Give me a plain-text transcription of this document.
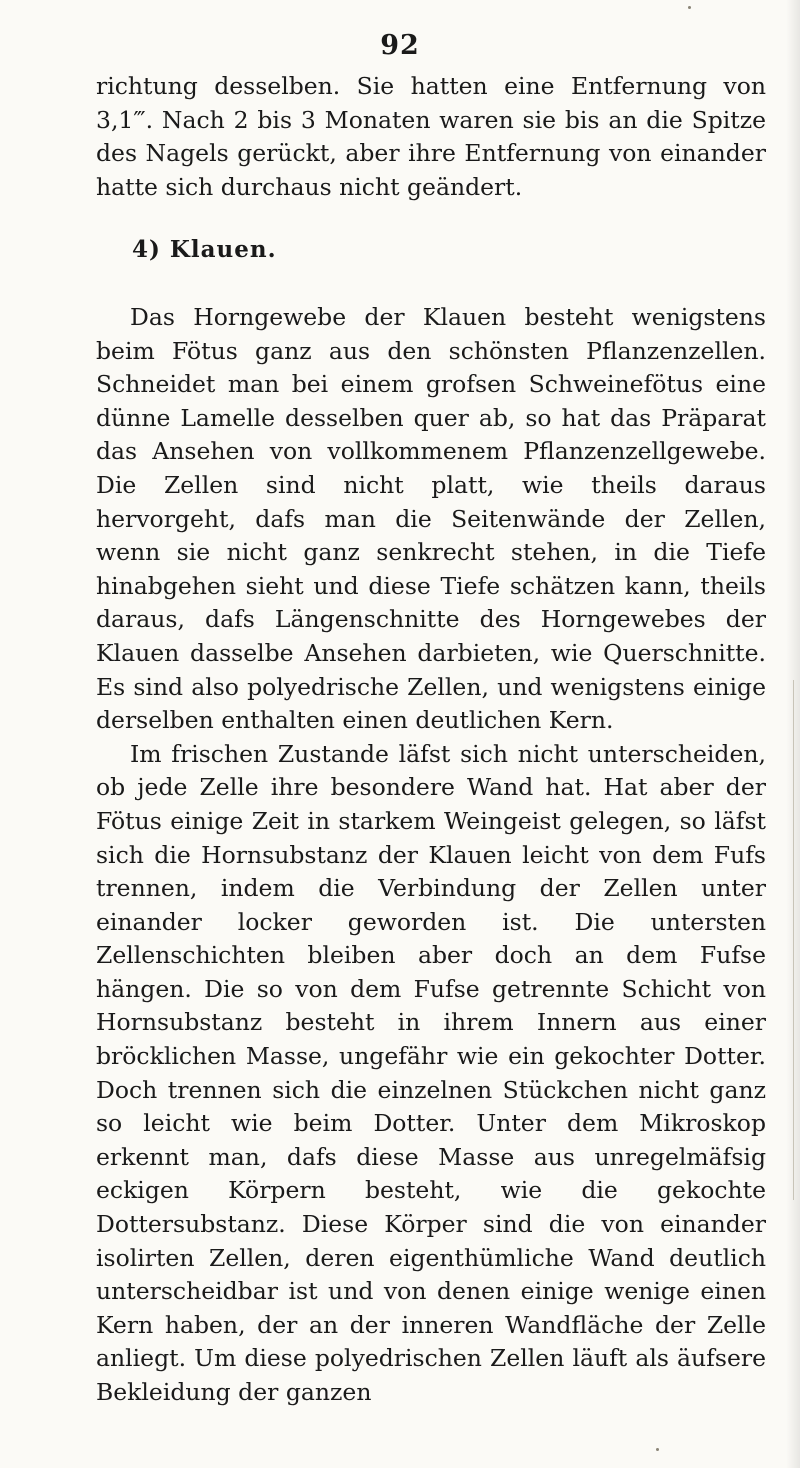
92

richtung desselben. Sie hatten eine Entfernung von 3,1‴. Nach 2 bis 3 Monaten waren sie bis an die Spitze des Nagels gerückt, aber ihre Entfernung von einander hatte sich durchaus nicht geändert.

4) Klauen.

Das Horngewebe der Klauen besteht wenigstens beim Fötus ganz aus den schönsten Pflanzenzellen. Schneidet man bei einem grofsen Schweinefötus eine dünne Lamelle desselben quer ab, so hat das Präparat das Ansehen von vollkommenem Pflanzenzellgewebe. Die Zellen sind nicht platt, wie theils daraus hervorgeht, dafs man die Seitenwände der Zellen, wenn sie nicht ganz senkrecht stehen, in die Tiefe hinabgehen sieht und diese Tiefe schätzen kann, theils daraus, dafs Längenschnitte des Horngewebes der Klauen dasselbe Ansehen darbieten, wie Querschnitte. Es sind also polyedrische Zellen, und wenigstens einige derselben enthalten einen deutlichen Kern.

Im frischen Zustande läfst sich nicht unterscheiden, ob jede Zelle ihre besondere Wand hat. Hat aber der Fötus einige Zeit in starkem Weingeist gelegen, so läfst sich die Hornsubstanz der Klauen leicht von dem Fufs trennen, indem die Verbindung der Zellen unter einander locker geworden ist. Die untersten Zellenschichten bleiben aber doch an dem Fufse hängen. Die so von dem Fufse getrennte Schicht von Hornsubstanz besteht in ihrem Innern aus einer bröcklichen Masse, ungefähr wie ein gekochter Dotter. Doch trennen sich die einzelnen Stückchen nicht ganz so leicht wie beim Dotter. Unter dem Mikroskop erkennt man, dafs diese Masse aus unregelmäfsig eckigen Körpern besteht, wie die gekochte Dottersubstanz. Diese Körper sind die von einander isolirten Zellen, deren eigenthümliche Wand deutlich unterscheidbar ist und von denen einige wenige einen Kern haben, der an der inneren Wandfläche der Zelle anliegt. Um diese polyedrischen Zellen läuft als äufsere Bekleidung der ganzen
